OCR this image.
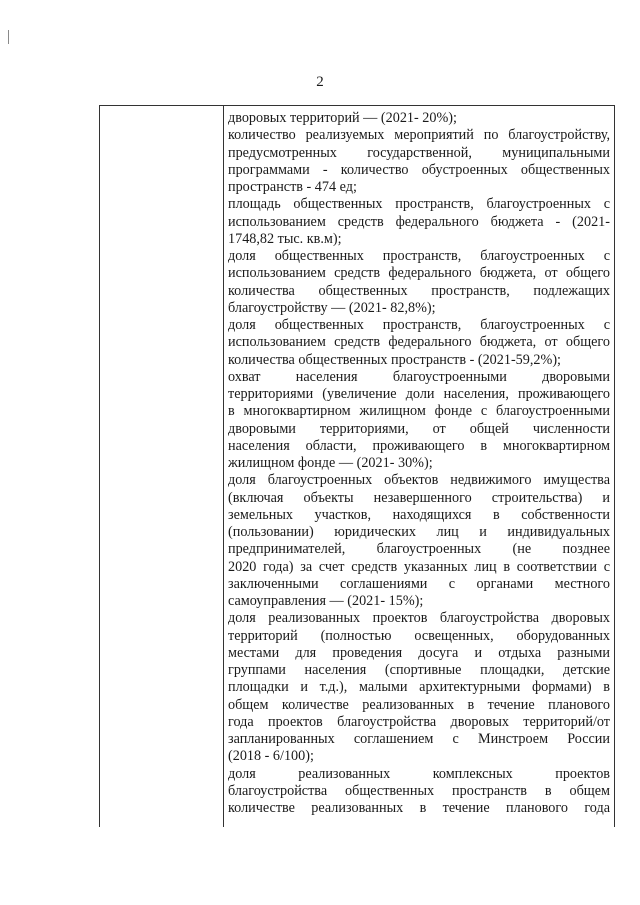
2
дворовых территорий — (2021- 20%);
количество реализуемых мероприятий по благоустройству,
предусмотренных государственной, муниципальными
программами - количество обустроенных общественных
пространств - 474 ед;
площадь общественных пространств, благоустроенных с
использованием средств федерального бюджета - (2021-
1748,82 тыс. кв.м);
доля общественных пространств, благоустроенных с
использованием средств федерального бюджета, от общего
количества общественных пространств, подлежащих
благоустройству — (2021- 82,8%);
доля общественных пространств, благоустроенных с
использованием средств федерального бюджета, от общего
количества общественных пространств - (2021-59,2%);
охват населения благоустроенными дворовыми
территориями (увеличение доли населения, проживающего
в многоквартирном жилищном фонде с благоустроенными
дворовыми территориями, от общей численности
населения области, проживающего в многоквартирном
жилищном фонде — (2021- 30%);
доля благоустроенных объектов недвижимого имущества
(включая объекты незавершенного строительства) и
земельных участков, находящихся в собственности
(пользовании) юридических лиц и индивидуальных
предпринимателей, благоустроенных (не позднее
2020 года) за счет средств указанных лиц в соответствии с
заключенными соглашениями с органами местного
самоуправления — (2021- 15%);
доля реализованных проектов благоустройства дворовых
территорий (полностью освещенных, оборудованных
местами для проведения досуга и отдыха разными
группами населения (спортивные площадки, детские
площадки и т.д.), малыми архитектурными формами) в
общем количестве реализованных в течение планового
года проектов благоустройства дворовых территорий/от
запланированных соглашением с Минстроем России
(2018 - 6/100);
доля реализованных комплексных проектов
благоустройства общественных пространств в общем
количестве реализованных в течение планового года
